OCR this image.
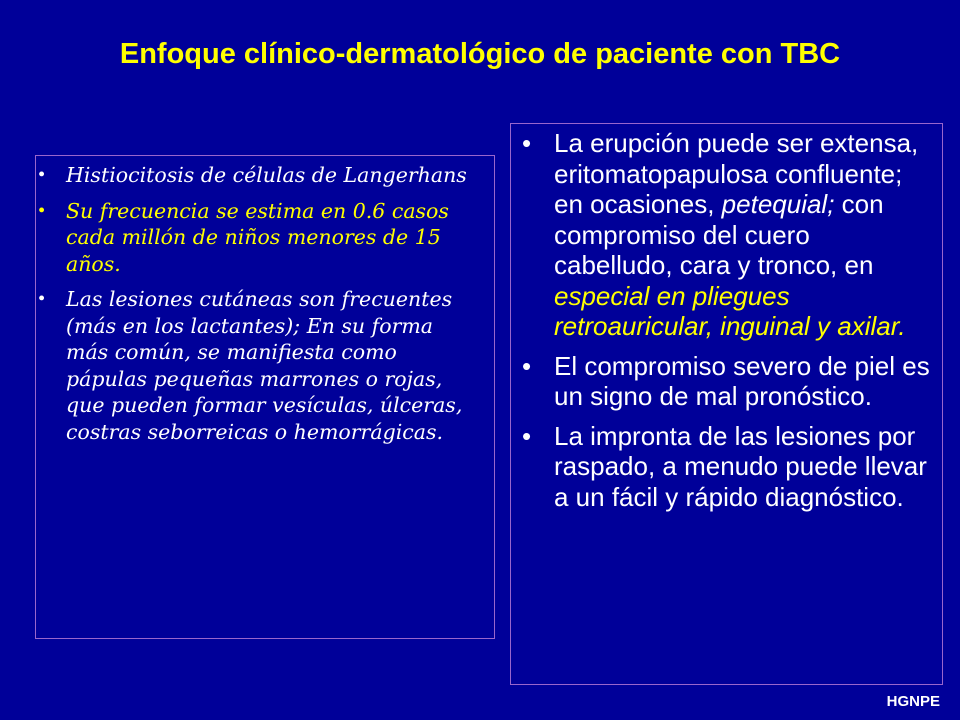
Enfoque clínico-dermatológico de paciente con TBC
• Histiocitosis de células de Langerhans
• Su frecuencia se estima en 0.6 casos cada millón de niños menores de 15 años.
• Las lesiones cutáneas son frecuentes (más en los lactantes); En su forma más común, se manifiesta como pápulas pequeñas marrones o rojas, que pueden formar vesículas, úlceras, costras seborreicas o hemorrágicas.
• La erupción puede ser extensa, eritomatopapulosa confluente; en ocasiones, petequial; con compromiso del cuero cabelludo, cara y tronco, en especial en pliegues retroauricular, inguinal y axilar.
• El compromiso severo de piel es un signo de mal pronóstico.
• La impronta de las lesiones por raspado, a menudo puede llevar a un fácil y rápido diagnóstico.
HGNPE
